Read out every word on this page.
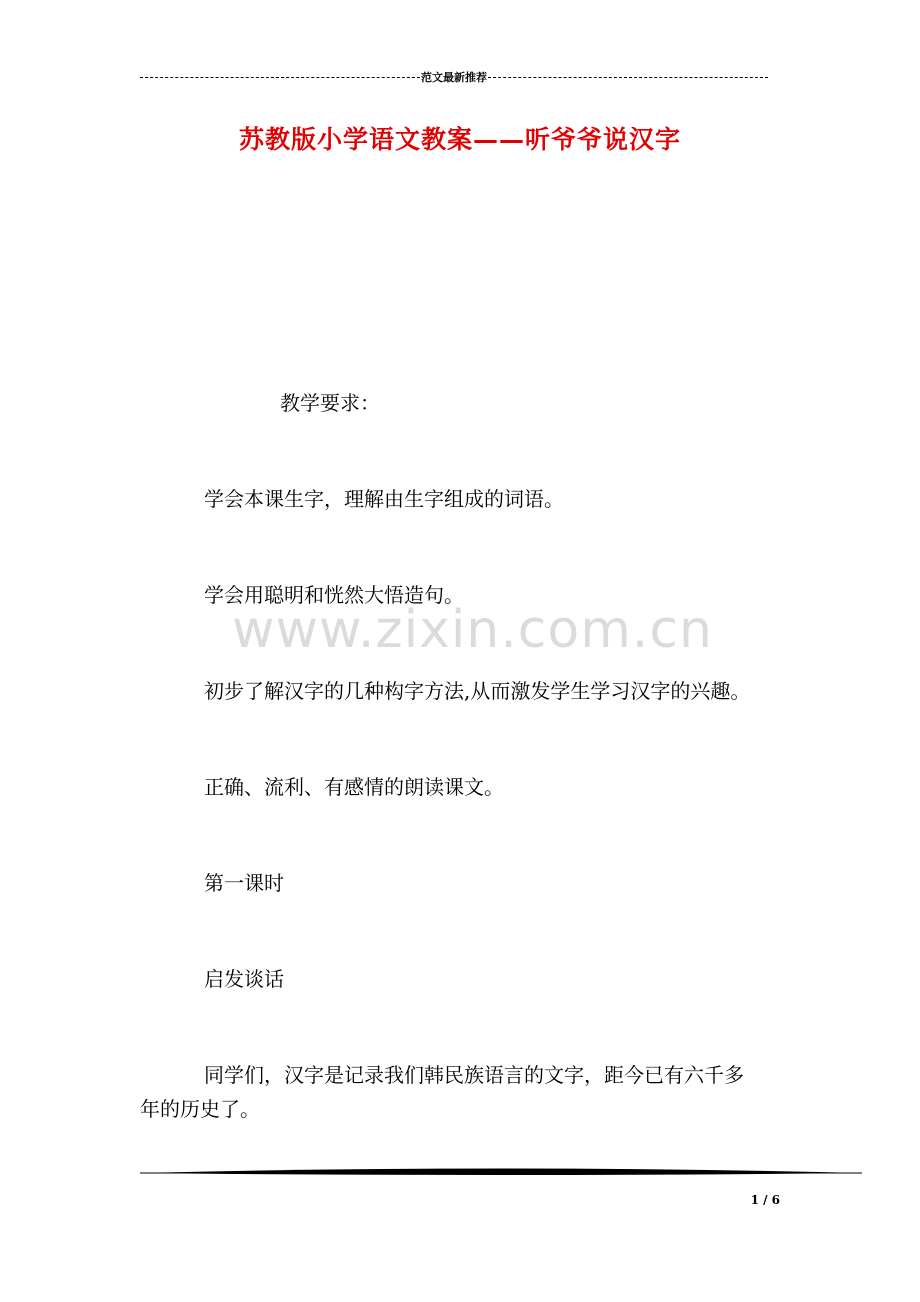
范文最新推荐
苏教版小学语文教案——听爷爷说汉字
教学要求：
学会本课生字，理解由生字组成的词语。
学会用聪明和恍然大悟造句。
初步了解汉字的几种构字方法,从而激发学生学习汉字的兴趣。
正确、流利、有感情的朗读课文。
第一课时
启发谈话
同学们，汉字是记录我们韩民族语言的文字，距今已有六千多
年的历史了。
www.zixin.com.cn
1 / 6
